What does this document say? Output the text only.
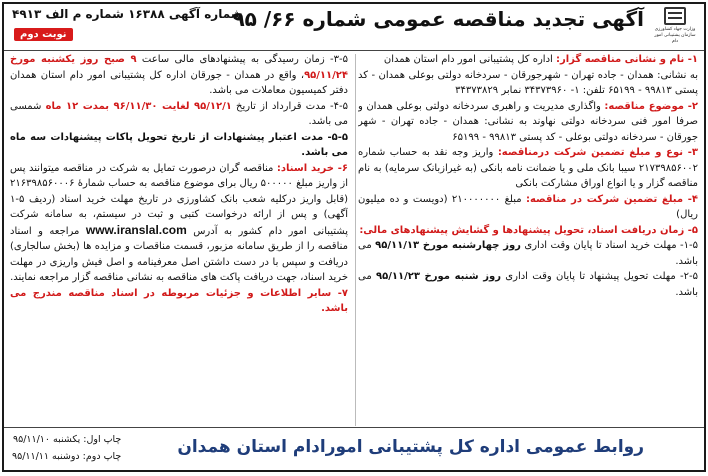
وزارت جهاد کشاورزی
سازمان پشتیبانی امور دام
آگهی تجدید مناقصه عمومی شماره ۶۶/ ۹۵
شماره آگهی ۱۶۳۸۸ شماره م الف ۴۹۱۳
نوبت دوم

۱- نام و نشانی مناقصه گزار: اداره کل پشتیبانی امور دام استان همدان

به نشانی: همدان - جاده تهران - شهرجورقان - سردخانه دولتی بوعلی همدان - کد پستی ۹۹۸۱۳ - ۶۵۱۹۹ تلفن: ۱- ۳۴۳۷۳۹۶۰ نمابر ۳۴۳۷۳۸۲۹

۲- موضوع مناقصه: واگذاری مدیریت و راهبری سردخانه دولتی بوعلی همدان و صرفا امور فنی سردخانه دولتی نهاوند به نشانی: همدان - جاده تهران - شهر جورقان - سردخانه دولتی بوعلی - کد پستی ۹۹۸۱۳ - ۶۵۱۹۹

۳- نوع و مبلغ تضمین شرکت درمناقصه: واریز وجه نقد به حساب شماره ۲۱۷۳۹۸۵۶۰۰۲ سیبا بانک ملی و یا ضمانت نامه بانکی (به غیرازبانک سرمایه) به نام مناقصه گزار و یا انواع اوراق مشارکت بانکی

۴- مبلغ تضمین شرکت در مناقصه: مبلغ ۲۱۰۰۰۰۰۰۰ (دویست و ده میلیون ریال)

۵- زمان دریافت اسناد، تحویل پیشنهادها و گشایش پیشنهادهای مالی:

۱-۵- مهلت خرید اسناد تا پایان وقت اداری روز چهارشنبه مورخ ۹۵/۱۱/۱۳ می باشد.

۲-۵- مهلت تحویل پیشنهاد تا پایان وقت اداری روز شنبه مورخ ۹۵/۱۱/۲۳ می باشد.

۳-۵- زمان رسیدگی به پیشنهادهای مالی ساعت ۹ صبح روز یکشنبه مورخ ۹۵/۱۱/۲۴، واقع در همدان - جورقان اداره کل پشتیبانی امور دام استان همدان دفتر کمیسیون معاملات می باشد.

۴-۵- مدت قرارداد از تاریخ ۹۵/۱۲/۱ لغایت ۹۶/۱۱/۳۰ بمدت ۱۲ ماه شمسی می باشد.

۵-۵- مدت اعتبار پیشنهادات از تاریخ تحویل پاکات پیشنهادات سه ماه می باشد.

۶- خرید اسناد: مناقصه گران درصورت تمایل به شرکت در مناقصه میتوانند پس از واریز مبلغ ۵۰۰۰۰۰ ریال برای موضوع مناقصه به حساب شمارۀ ۲۱۶۳۹۸۵۶۰۰۰۶ (قابل واریز درکلیه شعب بانک کشاورزی در تاریخ مهلت خرید اسناد (ردیف ۵-۱ آگهی) و پس از ارائه درخواست کتبی و ثبت در سیستم، به سامانه شرکت پشتیبانی امور دام کشور به آدرس www.iranslal.com مراجعه و اسناد مناقصه را از طریق سامانه مزبور، قسمت مناقصات و مزایده ها (بخش سالجاری) دریافت و سپس با در دست داشتن اصل معرفینامه و اصل فیش واریزی در مهلت خرید اسناد، جهت دریافت پاکت های مناقصه به نشانی مناقصه گزار مراجعه نمایند.

۷- سایر اطلاعات و جزئیات مربوطه در اسناد مناقصه مندرج می باشد.

چاپ اول: یکشنبه ۹۵/۱۱/۱۰
چاپ دوم: دوشنبه ۹۵/۱۱/۱۱	روابط عمومی اداره کل پشتیبانی امورادام استان همدان
